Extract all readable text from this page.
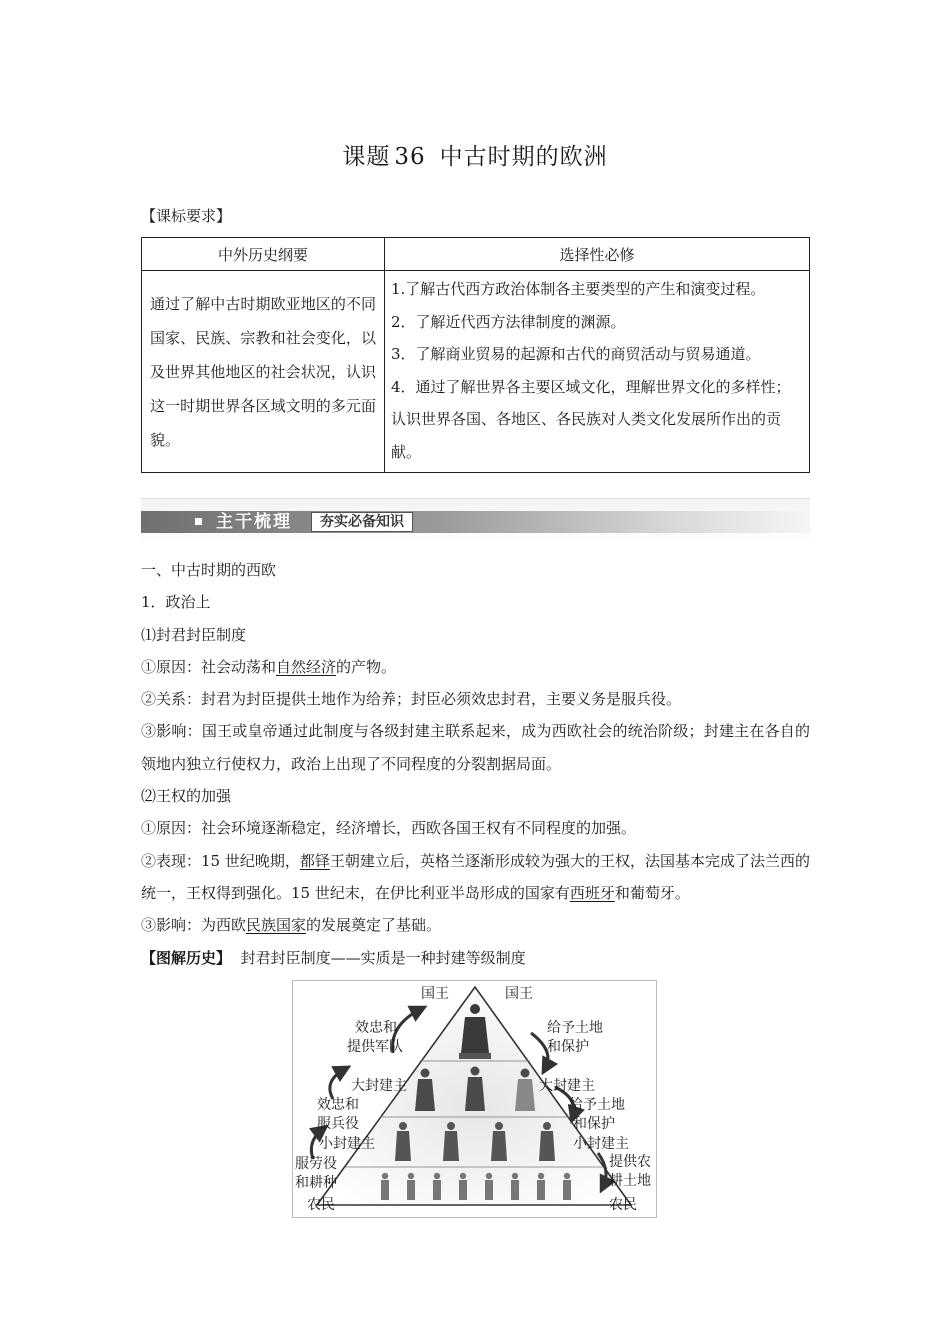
课题 36 中古时期的欧洲
【课标要求】
中外历史纲要	选择性必修
通过了解中古时期欧亚地区的不同国家、民族、宗教和社会变化，以及世界其他地区的社会状况，认识这一时期世界各区域文明的多元面貌。	1.了解古代西方政治体制各主要类型的产生和演变过程。
2．了解近代西方法律制度的渊源。
3．了解商业贸易的起源和古代的商贸活动与贸易通道。
4．通过了解世界各主要区域文化，理解世界文化的多样性；认识世界各国、各地区、各民族对人类文化发展所作出的贡献。
主干梳理	夯实必备知识

一、中古时期的西欧

1．政治上

⑴封君封臣制度

①原因：社会动荡和自然经济的产物。

②关系：封君为封臣提供土地作为给养；封臣必须效忠封君，主要义务是服兵役。

③影响：国王或皇帝通过此制度与各级封建主联系起来，成为西欧社会的统治阶级；封建主在各自的领地内独立行使权力，政治上出现了不同程度的分裂割据局面。

⑵王权的加强

①原因：社会环境逐渐稳定，经济增长，西欧各国王权有不同程度的加强。

②表现：15 世纪晚期，都铎王朝建立后，英格兰逐渐形成较为强大的王权，法国基本完成了法兰西的统一，王权得到强化。15 世纪末，在伊比利亚半岛形成的国家有西班牙和葡萄牙。

③影响：为西欧民族国家的发展奠定了基础。

【图解历史】 封君封臣制度——实质是一种封建等级制度

国王	国王
效忠和
提供军队
给予土地
和保护
大封建主	大封建主
效忠和
服兵役
给予土地
和保护
小封建主	小封建主
服劳役
和耕种
提供农
耕土地
农民	农民
